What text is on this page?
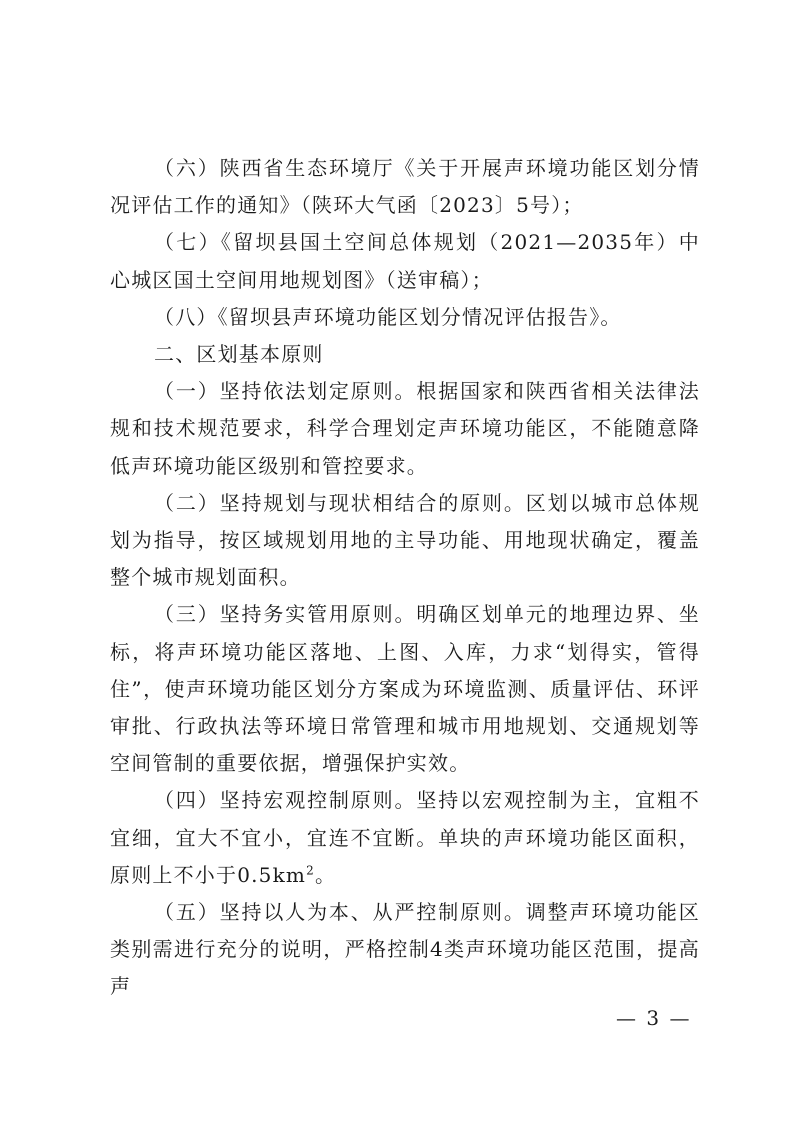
（六）陕西省生态环境厅《关于开展声环境功能区划分情况评估工作的通知》（陕环大气函〔2023〕5号）；

（七）《留坝县国土空间总体规划（2021—2035年）中心城区国土空间用地规划图》（送审稿）；

（八）《留坝县声环境功能区划分情况评估报告》。

二、区划基本原则

（一）坚持依法划定原则。根据国家和陕西省相关法律法规和技术规范要求，科学合理划定声环境功能区，不能随意降低声环境功能区级别和管控要求。

（二）坚持规划与现状相结合的原则。区划以城市总体规划为指导，按区域规划用地的主导功能、用地现状确定，覆盖整个城市规划面积。

（三）坚持务实管用原则。明确区划单元的地理边界、坐标，将声环境功能区落地、上图、入库，力求“划得实，管得住”，使声环境功能区划分方案成为环境监测、质量评估、环评审批、行政执法等环境日常管理和城市用地规划、交通规划等空间管制的重要依据，增强保护实效。

（四）坚持宏观控制原则。坚持以宏观控制为主，宜粗不宜细，宜大不宜小，宜连不宜断。单块的声环境功能区面积，原则上不小于$0.5km^2$。

（五）坚持以人为本、从严控制原则。调整声环境功能区类别需进行充分的说明，严格控制4类声环境功能区范围，提高声

— 3 —
